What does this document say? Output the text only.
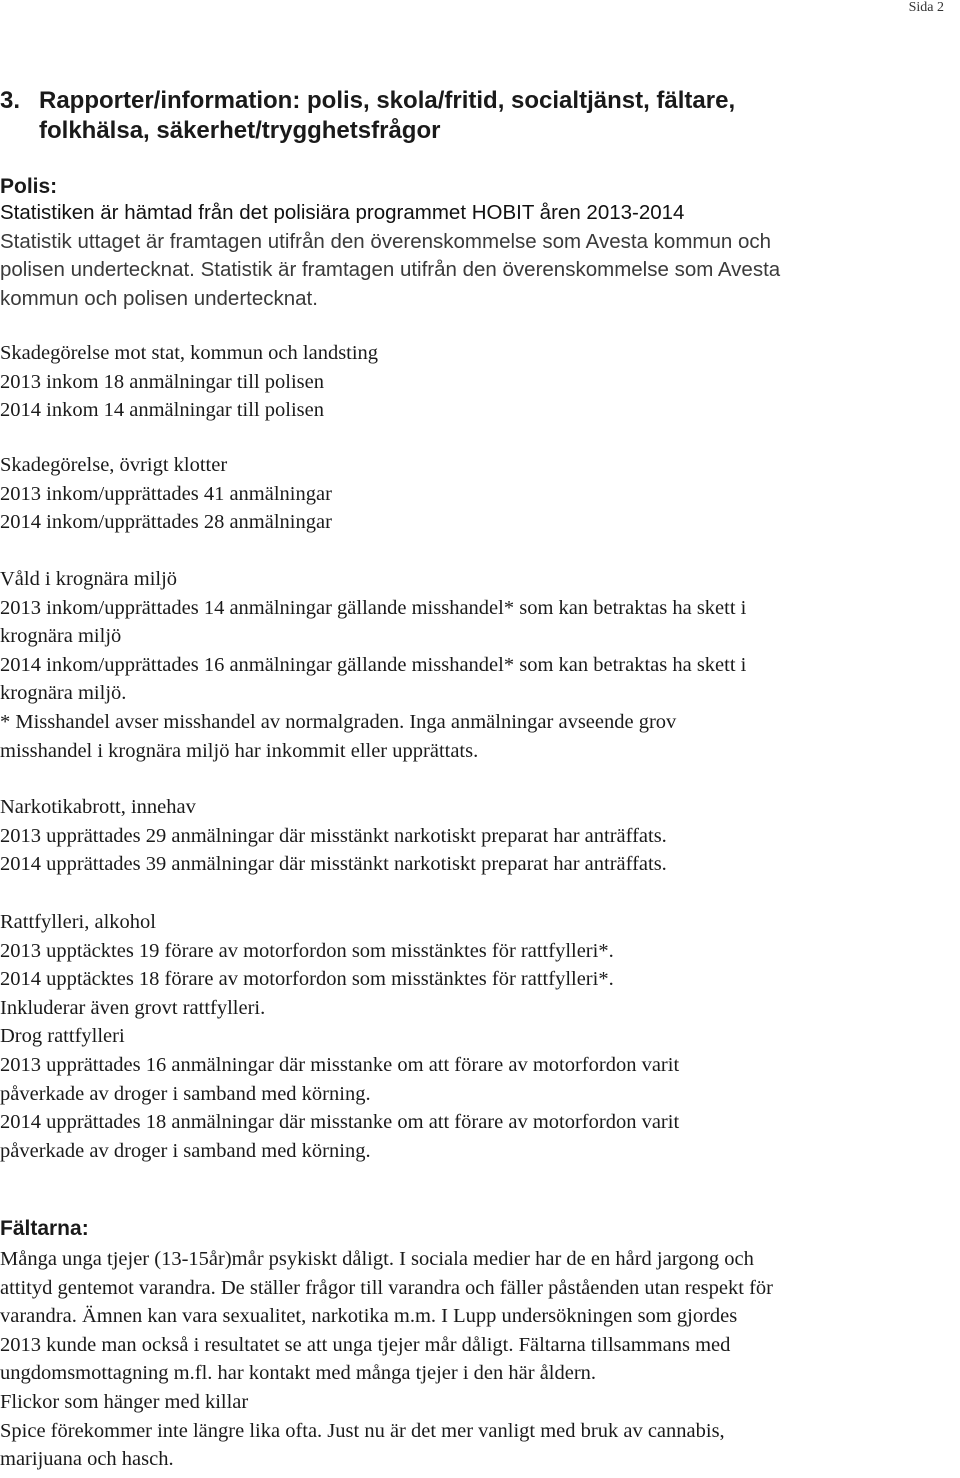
Sida 2
3. Rapporter/information: polis, skola/fritid, socialtjänst, fältare,
folkhälsa, säkerhet/trygghetsfrågor
Polis:
Statistiken är hämtad från det polisiära programmet HOBIT åren 2013-2014
Statistik uttaget är framtagen utifrån den överenskommelse som Avesta kommun och
polisen undertecknat. Statistik är framtagen utifrån den överenskommelse som Avesta
kommun och polisen undertecknat.
Skadegörelse mot stat, kommun och landsting
2013 inkom 18 anmälningar till polisen
2014 inkom 14 anmälningar till polisen
Skadegörelse, övrigt klotter
2013 inkom/upprättades 41 anmälningar
2014 inkom/upprättades 28 anmälningar
Våld i krognära miljö
2013 inkom/upprättades 14 anmälningar gällande misshandel* som kan betraktas ha skett i
krognära miljö
2014 inkom/upprättades 16 anmälningar gällande misshandel* som kan betraktas ha skett i
krognära miljö.
* Misshandel avser misshandel av normalgraden. Inga anmälningar avseende grov
misshandel i krognära miljö har inkommit eller upprättats.
Narkotikabrott, innehav
2013 upprättades 29 anmälningar där misstänkt narkotiskt preparat har anträffats.
2014 upprättades 39 anmälningar där misstänkt narkotiskt preparat har anträffats.
Rattfylleri, alkohol
2013 upptäcktes 19 förare av motorfordon som misstänktes för rattfylleri*.
2014 upptäcktes 18 förare av motorfordon som misstänktes för rattfylleri*.
Inkluderar även grovt rattfylleri.
Drog rattfylleri
2013 upprättades 16 anmälningar där misstanke om att förare av motorfordon varit
påverkade av droger i samband med körning.
2014 upprättades 18 anmälningar där misstanke om att förare av motorfordon varit
påverkade av droger i samband med körning.
Fältarna:
Många unga tjejer (13-15år)mår psykiskt dåligt. I sociala medier har de en hård jargong och
attityd gentemot varandra. De ställer frågor till varandra och fäller påståenden utan respekt för
varandra. Ämnen kan vara sexualitet, narkotika m.m. I Lupp undersökningen som gjordes
2013 kunde man också i resultatet se att unga tjejer mår dåligt. Fältarna tillsammans med
ungdomsmottagning m.fl. har kontakt med många tjejer i den här åldern.
Flickor som hänger med killar
Spice förekommer inte längre lika ofta. Just nu är det mer vanligt med bruk av cannabis,
marijuana och hasch.
